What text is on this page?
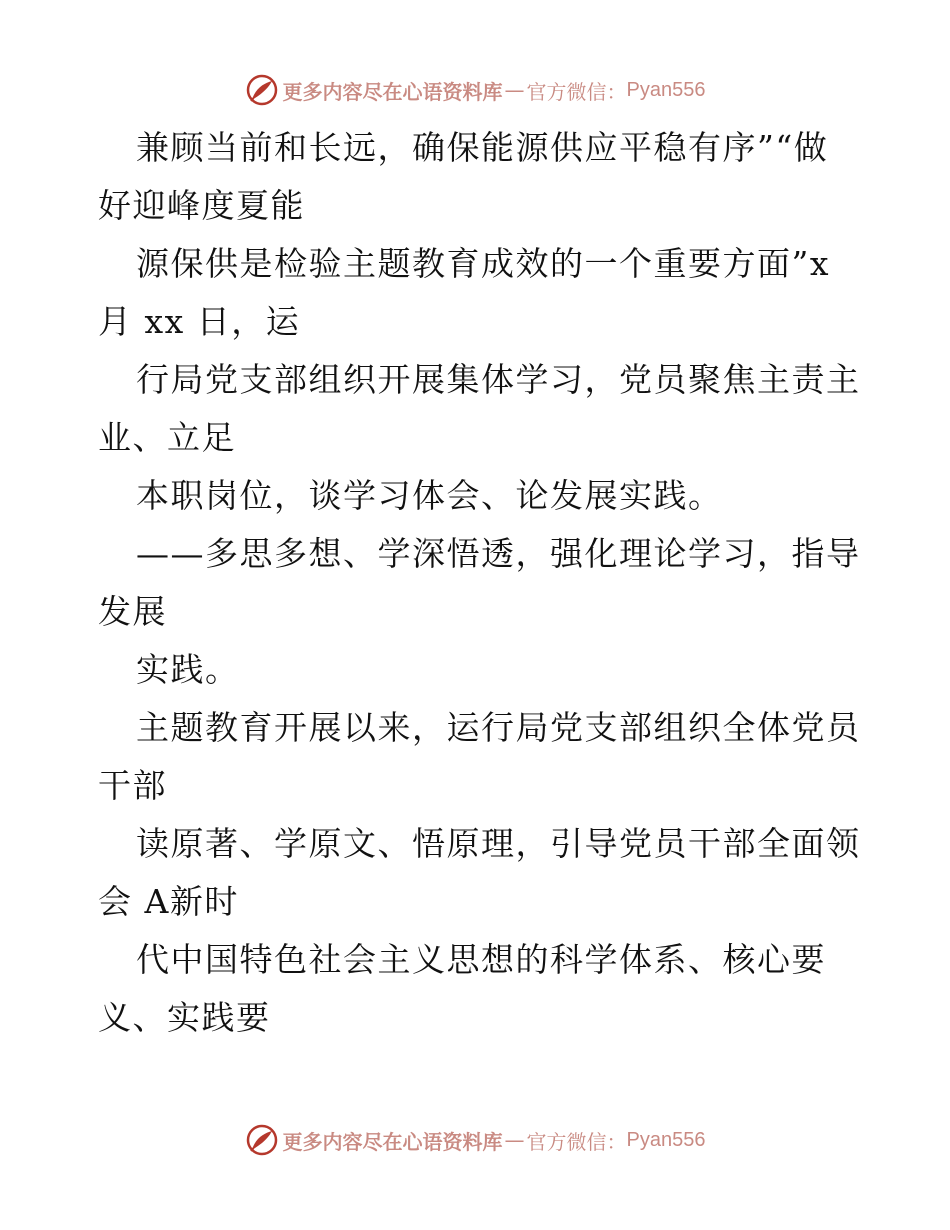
更多内容尽在心语资料库 — 官方微信： Pyan556
兼顾当前和长远，确保能源供应平稳有序”“做
好迎峰度夏能
源保供是检验主题教育成效的一个重要方面”x
月 xx 日，运
行局党支部组织开展集体学习，党员聚焦主责主
业、立足
本职岗位，谈学习体会、论发展实践。
——多思多想、学深悟透，强化理论学习，指导
发展
实践。
主题教育开展以来，运行局党支部组织全体党员
干部
读原著、学原文、悟原理，引导党员干部全面领
会 A新时
代中国特色社会主义思想的科学体系、核心要
义、实践要
更多内容尽在心语资料库 — 官方微信： Pyan556
